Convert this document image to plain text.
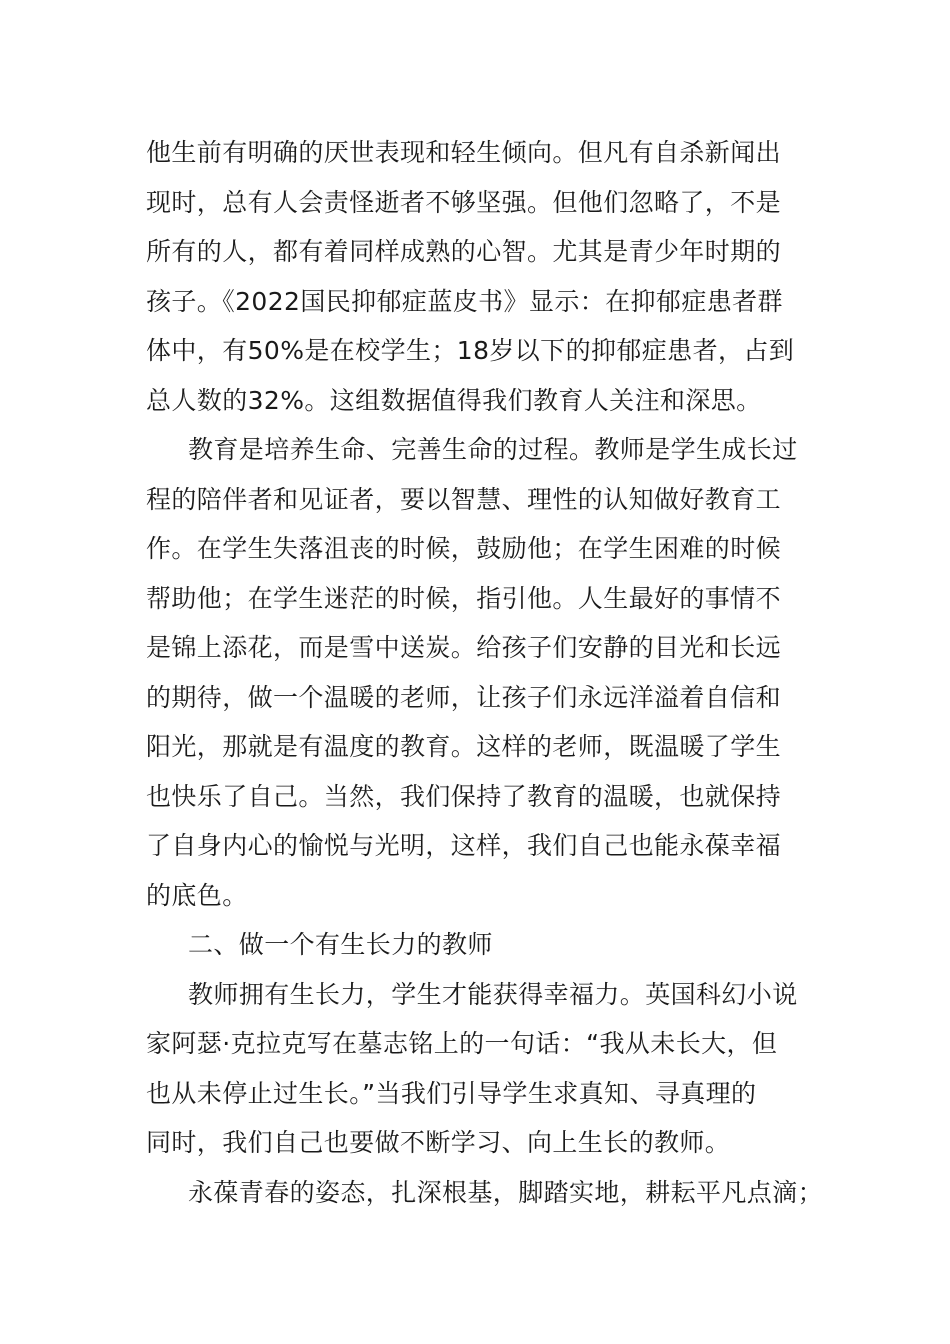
他生前有明确的厌世表现和轻生倾向。但凡有自杀新闻出
现时，总有人会责怪逝者不够坚强。但他们忽略了，不是
所有的人，都有着同样成熟的心智。尤其是青少年时期的
孩子。《2022国民抑郁症蓝皮书》显示：在抑郁症患者群
体中，有50%是在校学生；18岁以下的抑郁症患者，占到
总人数的32%。这组数据值得我们教育人关注和深思。
教育是培养生命、完善生命的过程。教师是学生成长过
程的陪伴者和见证者，要以智慧、理性的认知做好教育工
作。在学生失落沮丧的时候，鼓励他；在学生困难的时候
帮助他；在学生迷茫的时候，指引他。人生最好的事情不
是锦上添花，而是雪中送炭。给孩子们安静的目光和长远
的期待，做一个温暖的老师，让孩子们永远洋溢着自信和
阳光，那就是有温度的教育。这样的老师，既温暖了学生
也快乐了自己。当然，我们保持了教育的温暖，也就保持
了自身内心的愉悦与光明，这样，我们自己也能永葆幸福
的底色。
二、做一个有生长力的教师
教师拥有生长力，学生才能获得幸福力。英国科幻小说
家阿瑟·克拉克写在墓志铭上的一句话：“我从未长大，但
也从未停止过生长。”当我们引导学生求真知、寻真理的
同时，我们自己也要做不断学习、向上生长的教师。
永葆青春的姿态，扎深根基，脚踏实地，耕耘平凡点滴；
